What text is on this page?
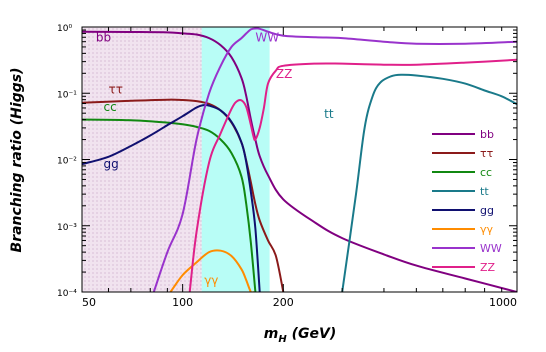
bb
ττ
cc
gg
WW
ZZ
tt
γγ
bb
ττ
cc
tt
gg
γγ
WW
ZZ
50	100	200	1000
10⁰
10⁻¹
10⁻²
10⁻³
10⁻⁴
$m_H$ (GeV)
Branching ratio (Higgs)
